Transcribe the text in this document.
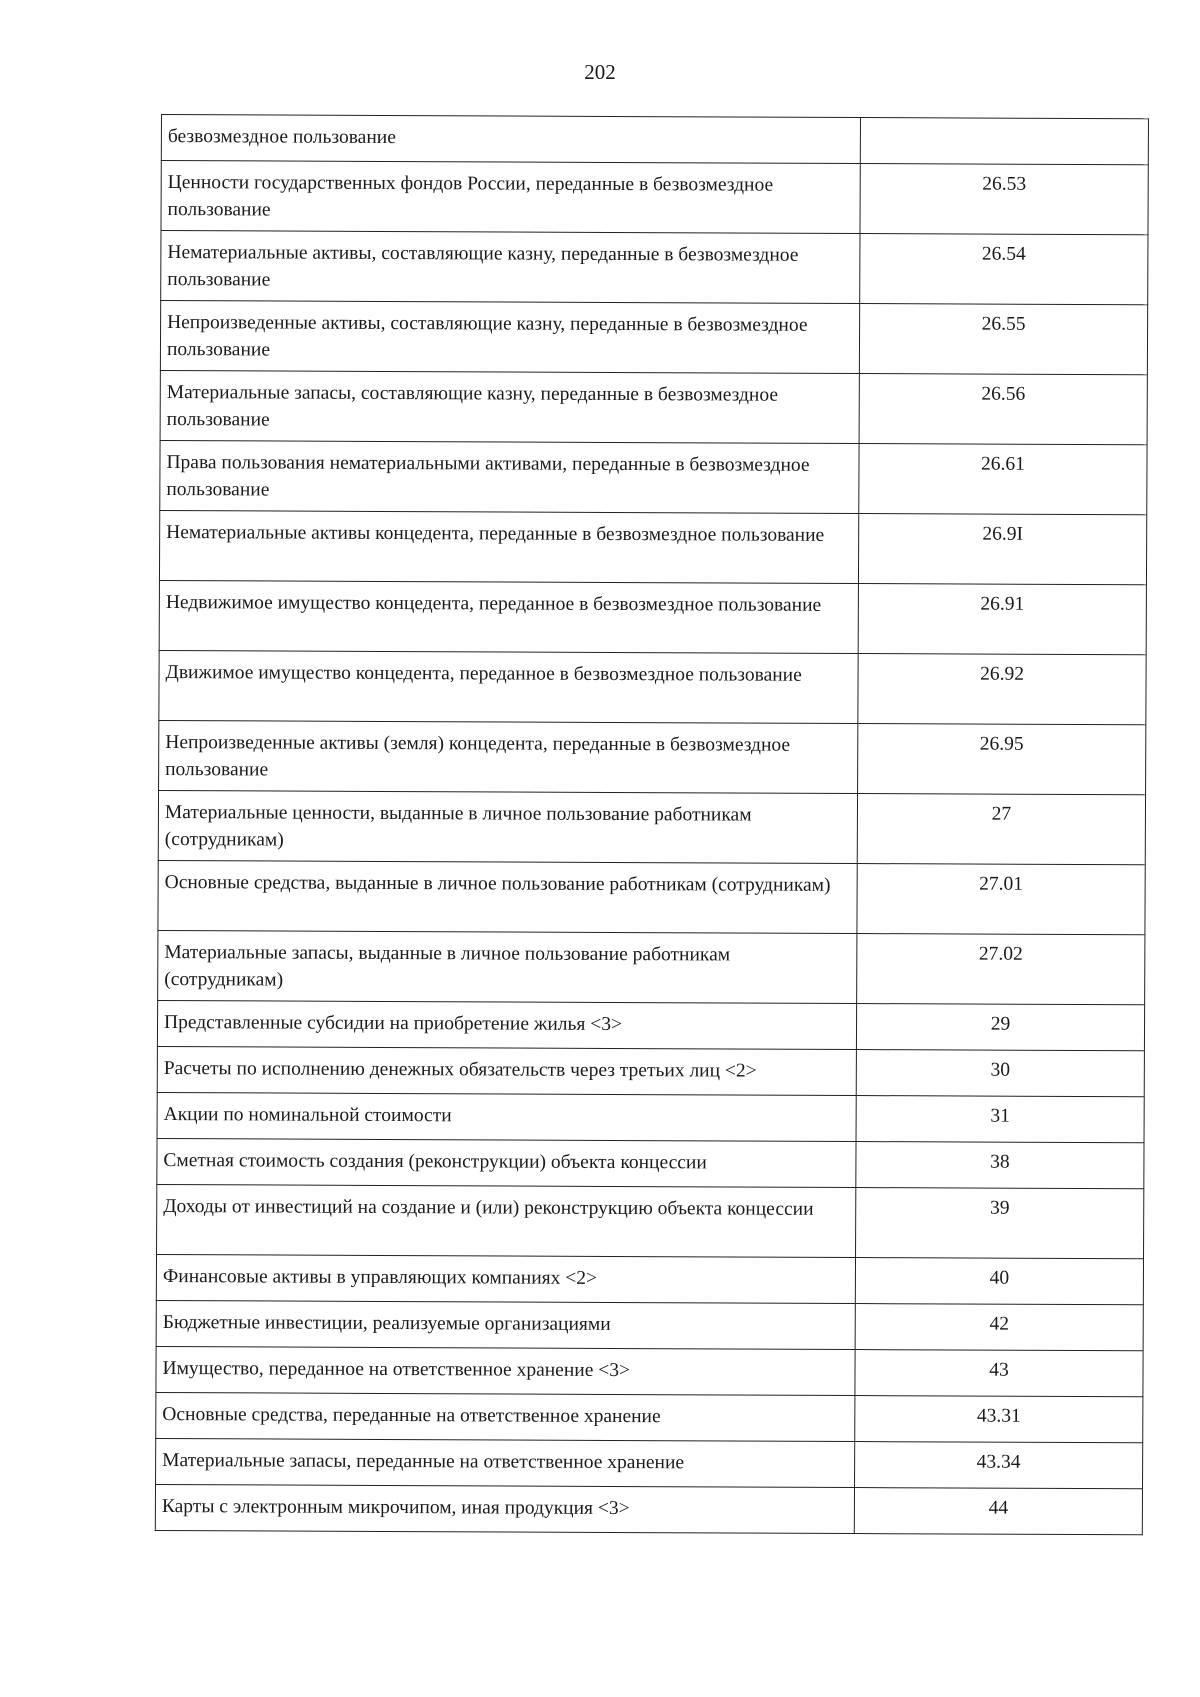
202
безвозмездное пользование	
Ценности государственных фондов России, переданные в безвозмездное пользование	26.53
Нематериальные активы, составляющие казну, переданные в безвозмездное пользование	26.54
Непроизведенные активы, составляющие казну, переданные в безвозмездное пользование	26.55
Материальные запасы, составляющие казну, переданные в безвозмездное пользование	26.56
Права пользования нематериальными активами, переданные в безвозмездное пользование	26.61
Нематериальные активы концедента, переданные в безвозмездное пользование	26.9I
Недвижимое имущество концедента, переданное в безвозмездное пользование	26.91
Движимое имущество концедента, переданное в безвозмездное пользование	26.92
Непроизведенные активы (земля) концедента, переданные в безвозмездное пользование	26.95
Материальные ценности, выданные в личное пользование работникам (сотрудникам)	27
Основные средства, выданные в личное пользование работникам (сотрудникам)	27.01
Материальные запасы, выданные в личное пользование работникам (сотрудникам)	27.02
Представленные субсидии на приобретение жилья <3>	29
Расчеты по исполнению денежных обязательств через третьих лиц <2>	30
Акции по номинальной стоимости	31
Сметная стоимость создания (реконструкции) объекта концессии	38
Доходы от инвестиций на создание и (или) реконструкцию объекта концессии	39
Финансовые активы в управляющих компаниях <2>	40
Бюджетные инвестиции, реализуемые организациями	42
Имущество, переданное на ответственное хранение <3>	43
Основные средства, переданные на ответственное хранение	43.31
Материальные запасы, переданные на ответственное хранение	43.34
Карты с электронным микрочипом, иная продукция <3>	44
